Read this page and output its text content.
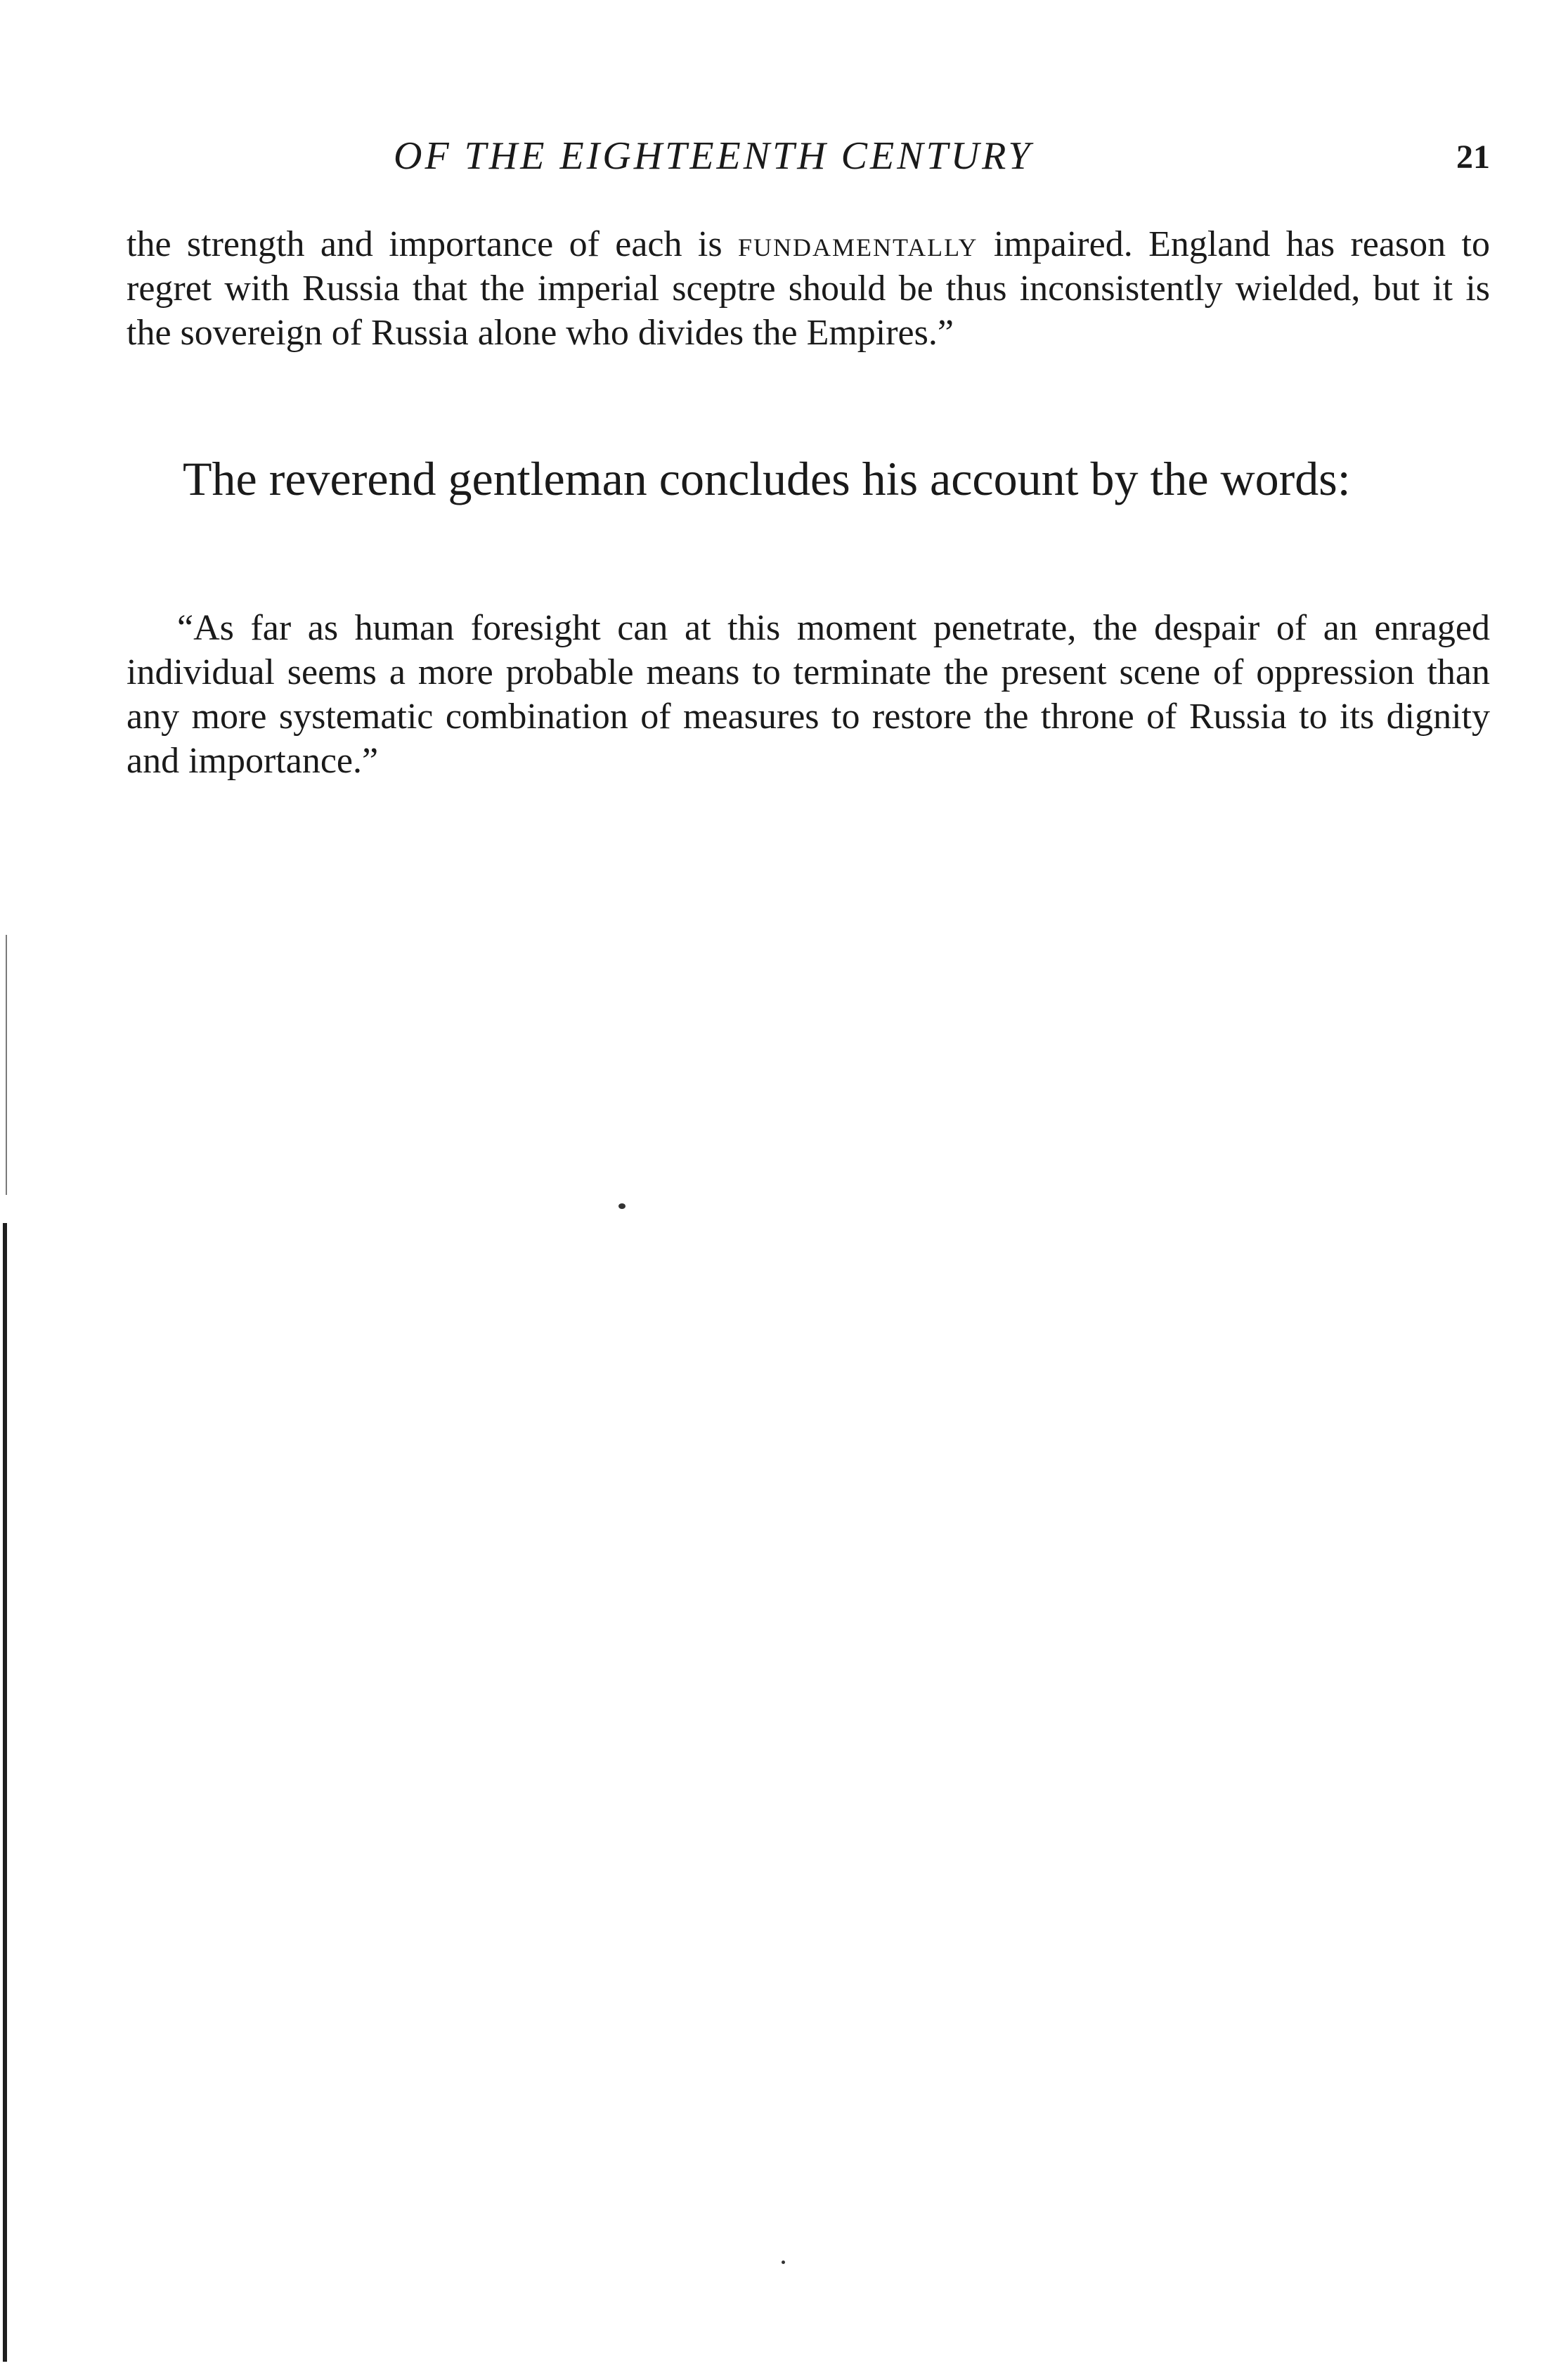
OF THE EIGHTEENTH CENTURY	21
the strength and importance of each is fundamentally impaired. England has reason to regret with Russia that the imperial sceptre should be thus inconsistently wielded, but it is the sovereign of Russia alone who divides the Empires.”
The reverend gentleman concludes his account by the words:
“As far as human foresight can at this moment penetrate, the despair of an enraged individual seems a more probable means to terminate the present scene of oppression than any more systematic combination of measures to restore the throne of Russia to its dignity and importance.”
